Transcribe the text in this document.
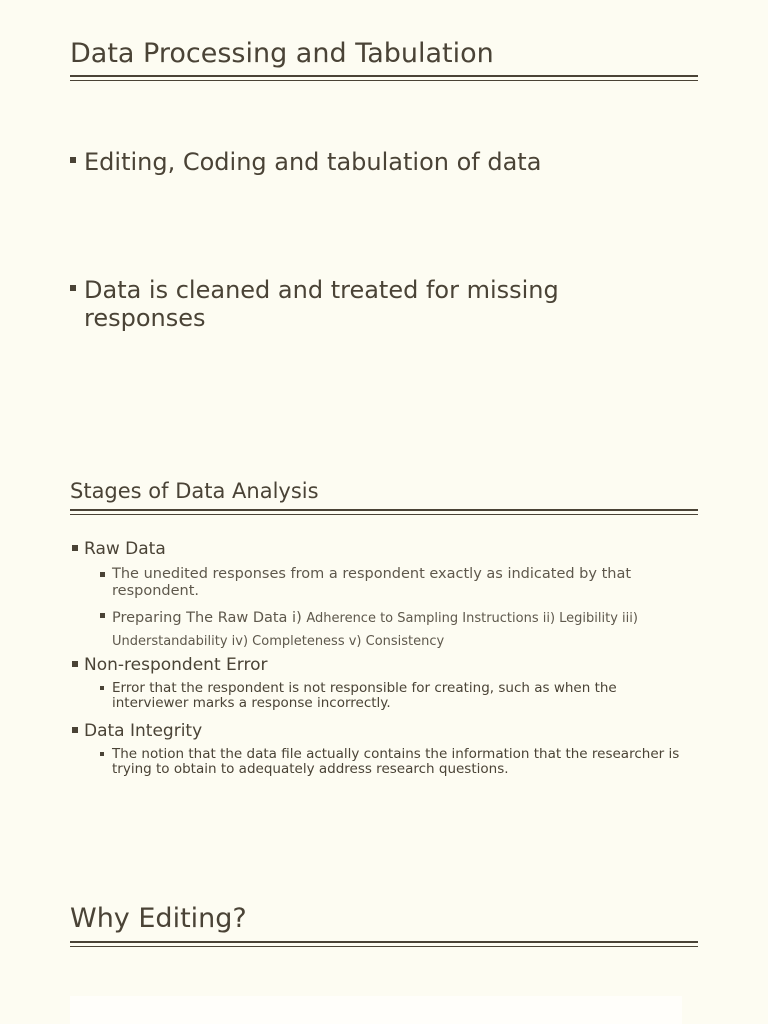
Data Processing and Tabulation
Editing, Coding and tabulation of data
Data is cleaned and treated for missing responses
Stages of Data Analysis
Raw Data
The unedited responses from a respondent exactly as indicated by that respondent.
Preparing The Raw Data i) Adherence to Sampling Instructions ii) Legibility iii) Understandability iv) Completeness v) Consistency
Non-respondent Error
Error that the respondent is not responsible for creating, such as when the interviewer marks a response incorrectly.
Data Integrity
The notion that the data file actually contains the information that the researcher is trying to obtain to adequately address research questions.
Why Editing?
